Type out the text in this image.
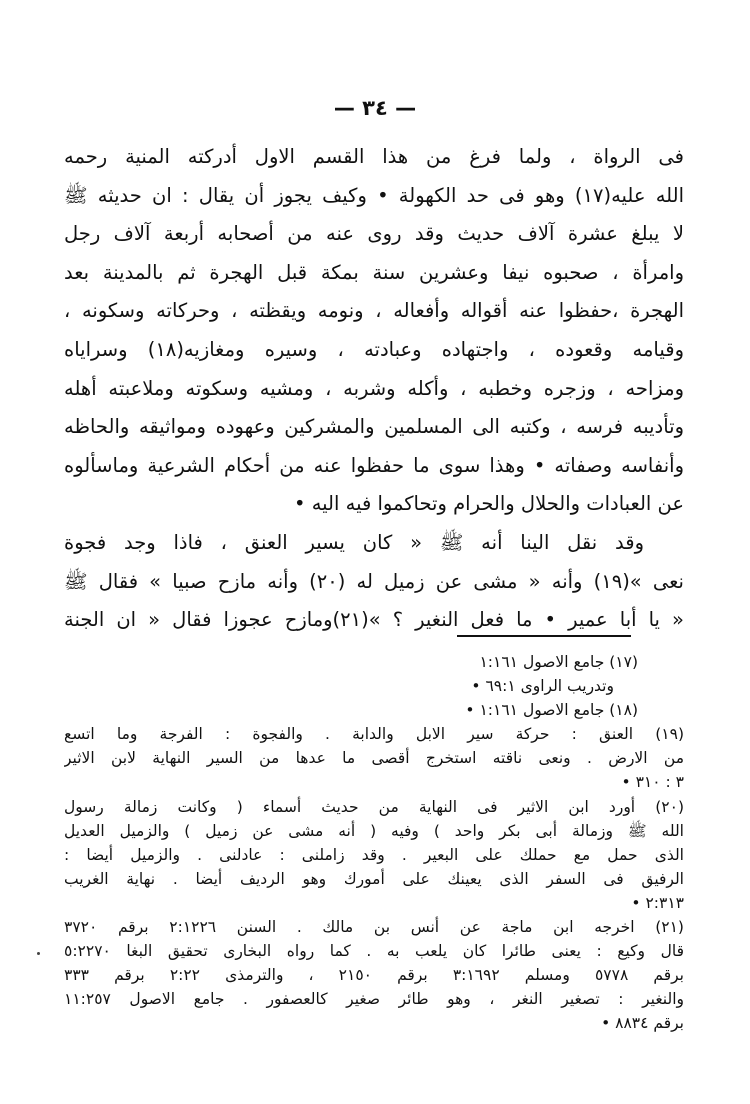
— ٣٤ —
فى الرواة ، ولما فرغ من هذا القسم الاول أدركته المنية رحمه
الله عليه(١٧) وهو فى حد الكهولة • وكيف يجوز أن يقال : ان حديثه ﷺ
لا يبلغ عشرة آلاف حديث وقد روى عنه من أصحابه أربعة آلاف رجل
وامرأة ، صحبوه نيفا وعشرين سنة بمكة قبل الهجرة ثم بالمدينة بعد
الهجرة ،حفظوا عنه أقواله وأفعاله ، ونومه ويقظته ، وحركاته وسكونه ،
وقيامه وقعوده ، واجتهاده وعبادته ، وسيره ومغازيه(١٨) وسراياه
ومزاحه ، وزجره وخطبه ، وأكله وشربه ، ومشيه وسكوته وملاعبته أهله
وتأديبه فرسه ، وكتبه الى المسلمين والمشركين وعهوده ومواثيقه والحاظه
وأنفاسه وصفاته • وهذا سوى ما حفظوا عنه من أحكام الشرعية وماسألوه
عن العبادات والحلال والحرام وتحاكموا فيه اليه •
وقد نقل الينا أنه ﷺ « كان يسير العنق ، فاذا وجد فجوة
نعى »(١٩) وأنه « مشى عن زميل له (٢٠) وأنه مازح صبيا » فقال ﷺ
« يا أبا عمير • ما فعل النغير ؟ »(٢١)ومازح عجوزا فقال « ان الجنة
(١٧) جامع الاصول ١:١٦١
وتدريب الراوى ٦٩:١ •
(١٨) جامع الاصول ١:١٦١ •
(١٩) العنق : حركة سير الابل والدابة . والفجوة : الفرجة وما اتسع
من الارض . ونعى ناقته استخرج أقصى ما عدها من السير النهاية لابن الاثير
٣ : ٣١٠ •
(٢٠) أورد ابن الاثير فى النهاية من حديث أسماء ( وكانت زمالة رسول
الله ﷺ وزمالة أبى بكر واحد ) وفيه ( أنه مشى عن زميل ) والزميل العديل
الذى حمل مع حملك على البعير . وقد زاملنى : عادلنى . والزميل أيضا :
الرفيق فى السفر الذى يعينك على أمورك وهو الرديف أيضا . نهاية الغريب
٢:٣١٣ •
(٢١) اخرجه ابن ماجة عن أنس بن مالك . السنن ٢:١٢٢٦ برقم ٣٧٢٠
قال وكيع : يعنى طائرا كان يلعب به . كما رواه البخارى تحقيق البغا ٥:٢٢٧٠
برقم ٥٧٧٨ ومسلم ٣:١٦٩٢ برقم ٢١٥٠ ، والترمذى ٢:٢٢ برقم ٣٣٣
والنغير : تصغير النغر ، وهو طائر صغير كالعصفور . جامع الاصول ١١:٢٥٧
برقم ٨٨٣٤ •
